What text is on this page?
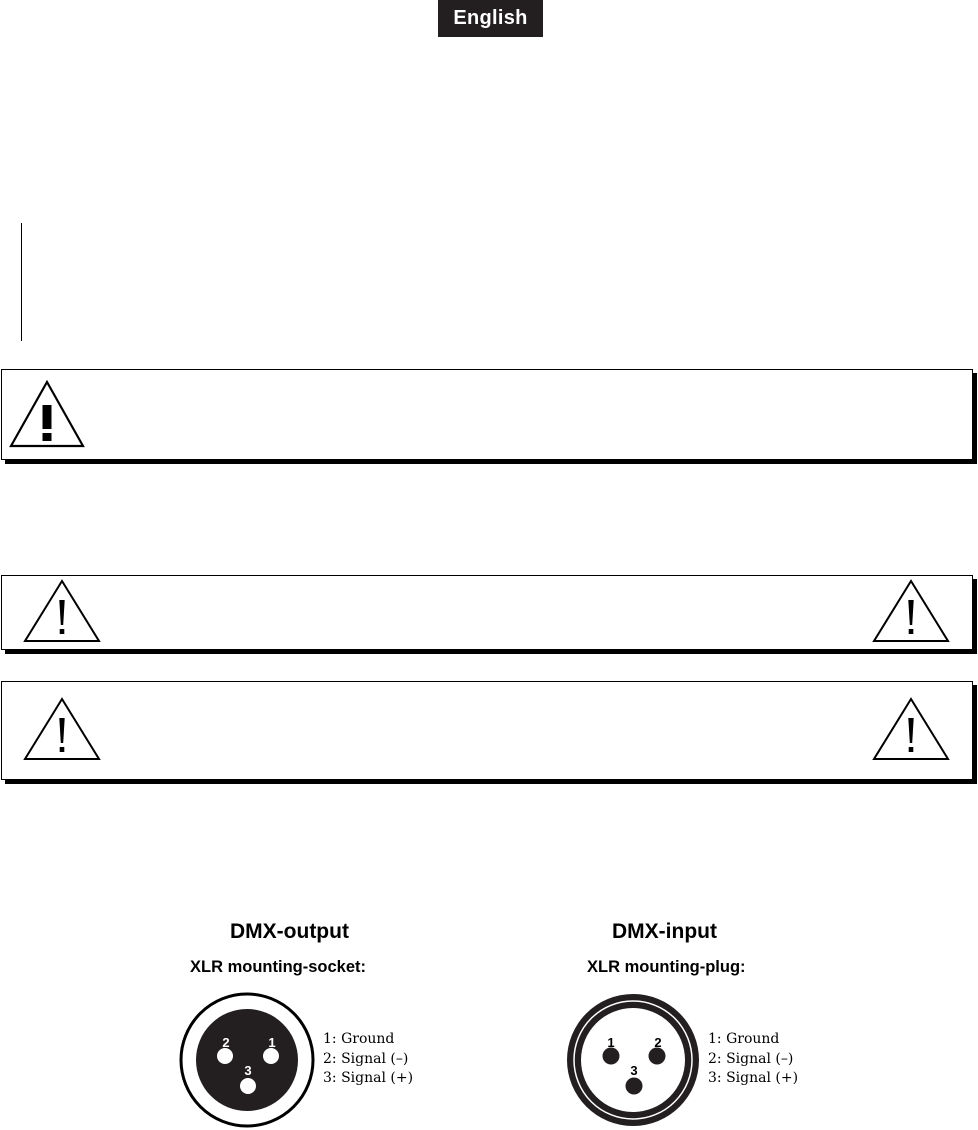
English
DMX-output
XLR mounting-socket:
2	1
3
1: Ground
2: Signal (–)
3: Signal (+)
DMX-input
XLR mounting-plug:
1	2
3
1: Ground
2: Signal (–)
3: Signal (+)
